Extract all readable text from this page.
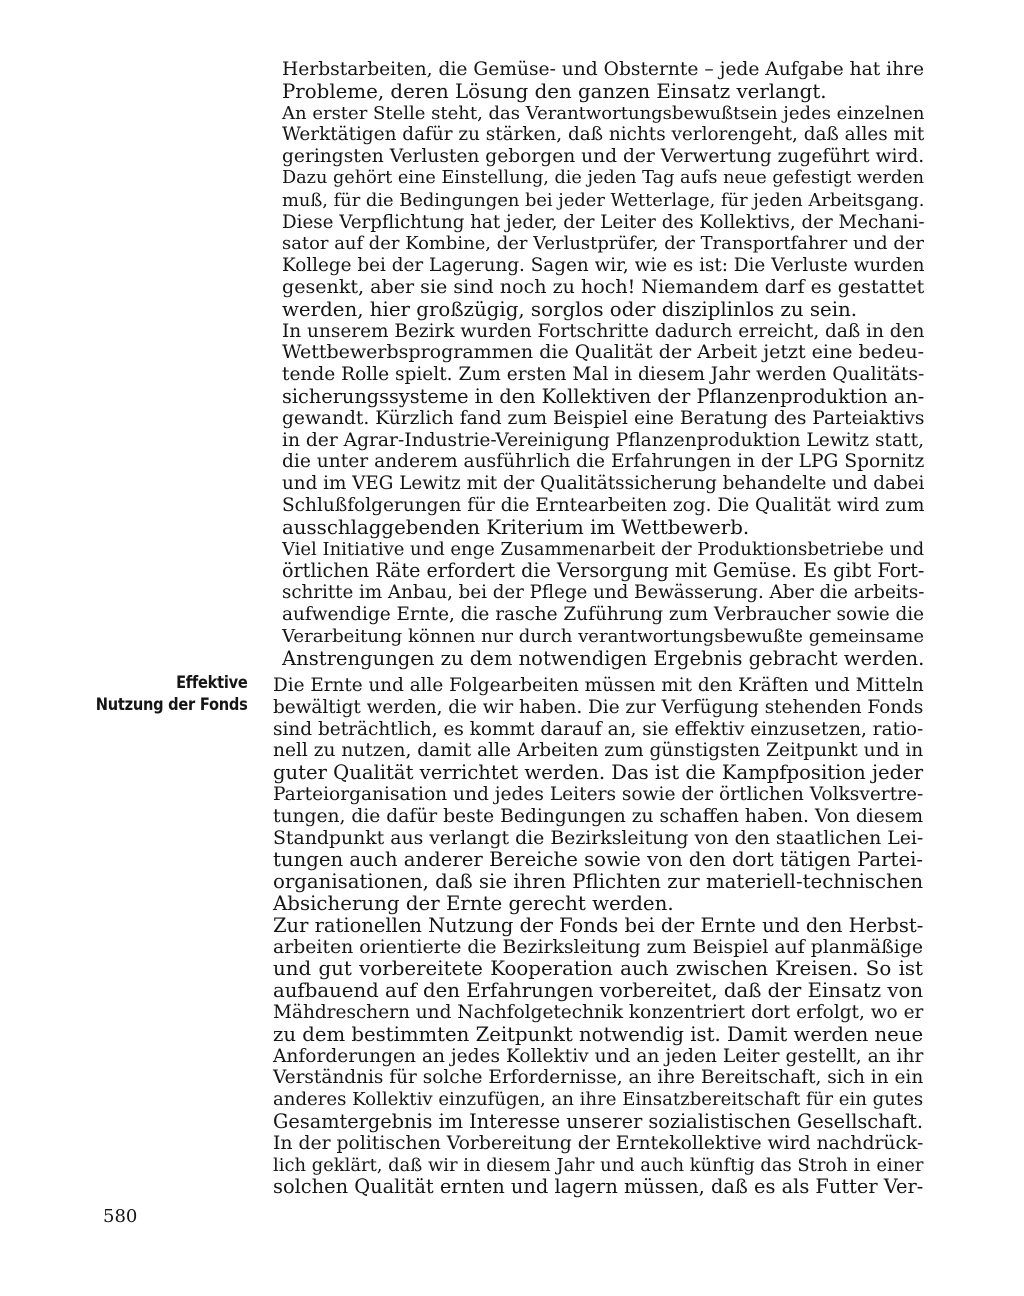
Herbstarbeiten, die Gemüse- und Obsternte – jede Aufgabe hat ihre
Probleme, deren Lösung den ganzen Einsatz verlangt.
An erster Stelle steht, das Verantwortungsbewußtsein jedes einzelnen
Werktätigen dafür zu stärken, daß nichts verlorengeht, daß alles mit
geringsten Verlusten geborgen und der Verwertung zugeführt wird.
Dazu gehört eine Einstellung, die jeden Tag aufs neue gefestigt werden
muß, für die Bedingungen bei jeder Wetterlage, für jeden Arbeitsgang.
Diese Verpflichtung hat jeder, der Leiter des Kollektivs, der Mechani-
sator auf der Kombine, der Verlustprüfer, der Transportfahrer und der
Kollege bei der Lagerung. Sagen wir, wie es ist: Die Verluste wurden
gesenkt, aber sie sind noch zu hoch! Niemandem darf es gestattet
werden, hier großzügig, sorglos oder disziplinlos zu sein.
In unserem Bezirk wurden Fortschritte dadurch erreicht, daß in den
Wettbewerbsprogrammen die Qualität der Arbeit jetzt eine bedeu-
tende Rolle spielt. Zum ersten Mal in diesem Jahr werden Qualitäts-
sicherungssysteme in den Kollektiven der Pflanzenproduktion an-
gewandt. Kürzlich fand zum Beispiel eine Beratung des Parteiaktivs
in der Agrar-Industrie-Vereinigung Pflanzenproduktion Lewitz statt,
die unter anderem ausführlich die Erfahrungen in der LPG Spornitz
und im VEG Lewitz mit der Qualitätssicherung behandelte und dabei
Schlußfolgerungen für die Erntearbeiten zog. Die Qualität wird zum
ausschlaggebenden Kriterium im Wettbewerb.
Viel Initiative und enge Zusammenarbeit der Produktionsbetriebe und
örtlichen Räte erfordert die Versorgung mit Gemüse. Es gibt Fort-
schritte im Anbau, bei der Pflege und Bewässerung. Aber die arbeits-
aufwendige Ernte, die rasche Zuführung zum Verbraucher sowie die
Verarbeitung können nur durch verantwortungsbewußte gemeinsame
Anstrengungen zu dem notwendigen Ergebnis gebracht werden.
Effektive
Nutzung der Fonds
Die Ernte und alle Folgearbeiten müssen mit den Kräften und Mitteln
bewältigt werden, die wir haben. Die zur Verfügung stehenden Fonds
sind beträchtlich, es kommt darauf an, sie effektiv einzusetzen, ratio-
nell zu nutzen, damit alle Arbeiten zum günstigsten Zeitpunkt und in
guter Qualität verrichtet werden. Das ist die Kampfposition jeder
Parteiorganisation und jedes Leiters sowie der örtlichen Volksvertre-
tungen, die dafür beste Bedingungen zu schaffen haben. Von diesem
Standpunkt aus verlangt die Bezirksleitung von den staatlichen Lei-
tungen auch anderer Bereiche sowie von den dort tätigen Partei-
organisationen, daß sie ihren Pflichten zur materiell-technischen
Absicherung der Ernte gerecht werden.
Zur rationellen Nutzung der Fonds bei der Ernte und den Herbst-
arbeiten orientierte die Bezirksleitung zum Beispiel auf planmäßige
und gut vorbereitete Kooperation auch zwischen Kreisen. So ist
aufbauend auf den Erfahrungen vorbereitet, daß der Einsatz von
Mähdreschern und Nachfolgetechnik konzentriert dort erfolgt, wo er
zu dem bestimmten Zeitpunkt notwendig ist. Damit werden neue
Anforderungen an jedes Kollektiv und an jeden Leiter gestellt, an ihr
Verständnis für solche Erfordernisse, an ihre Bereitschaft, sich in ein
anderes Kollektiv einzufügen, an ihre Einsatzbereitschaft für ein gutes
Gesamtergebnis im Interesse unserer sozialistischen Gesellschaft.
In der politischen Vorbereitung der Erntekollektive wird nachdrück-
lich geklärt, daß wir in diesem Jahr und auch künftig das Stroh in einer
solchen Qualität ernten und lagern müssen, daß es als Futter Ver-
580
